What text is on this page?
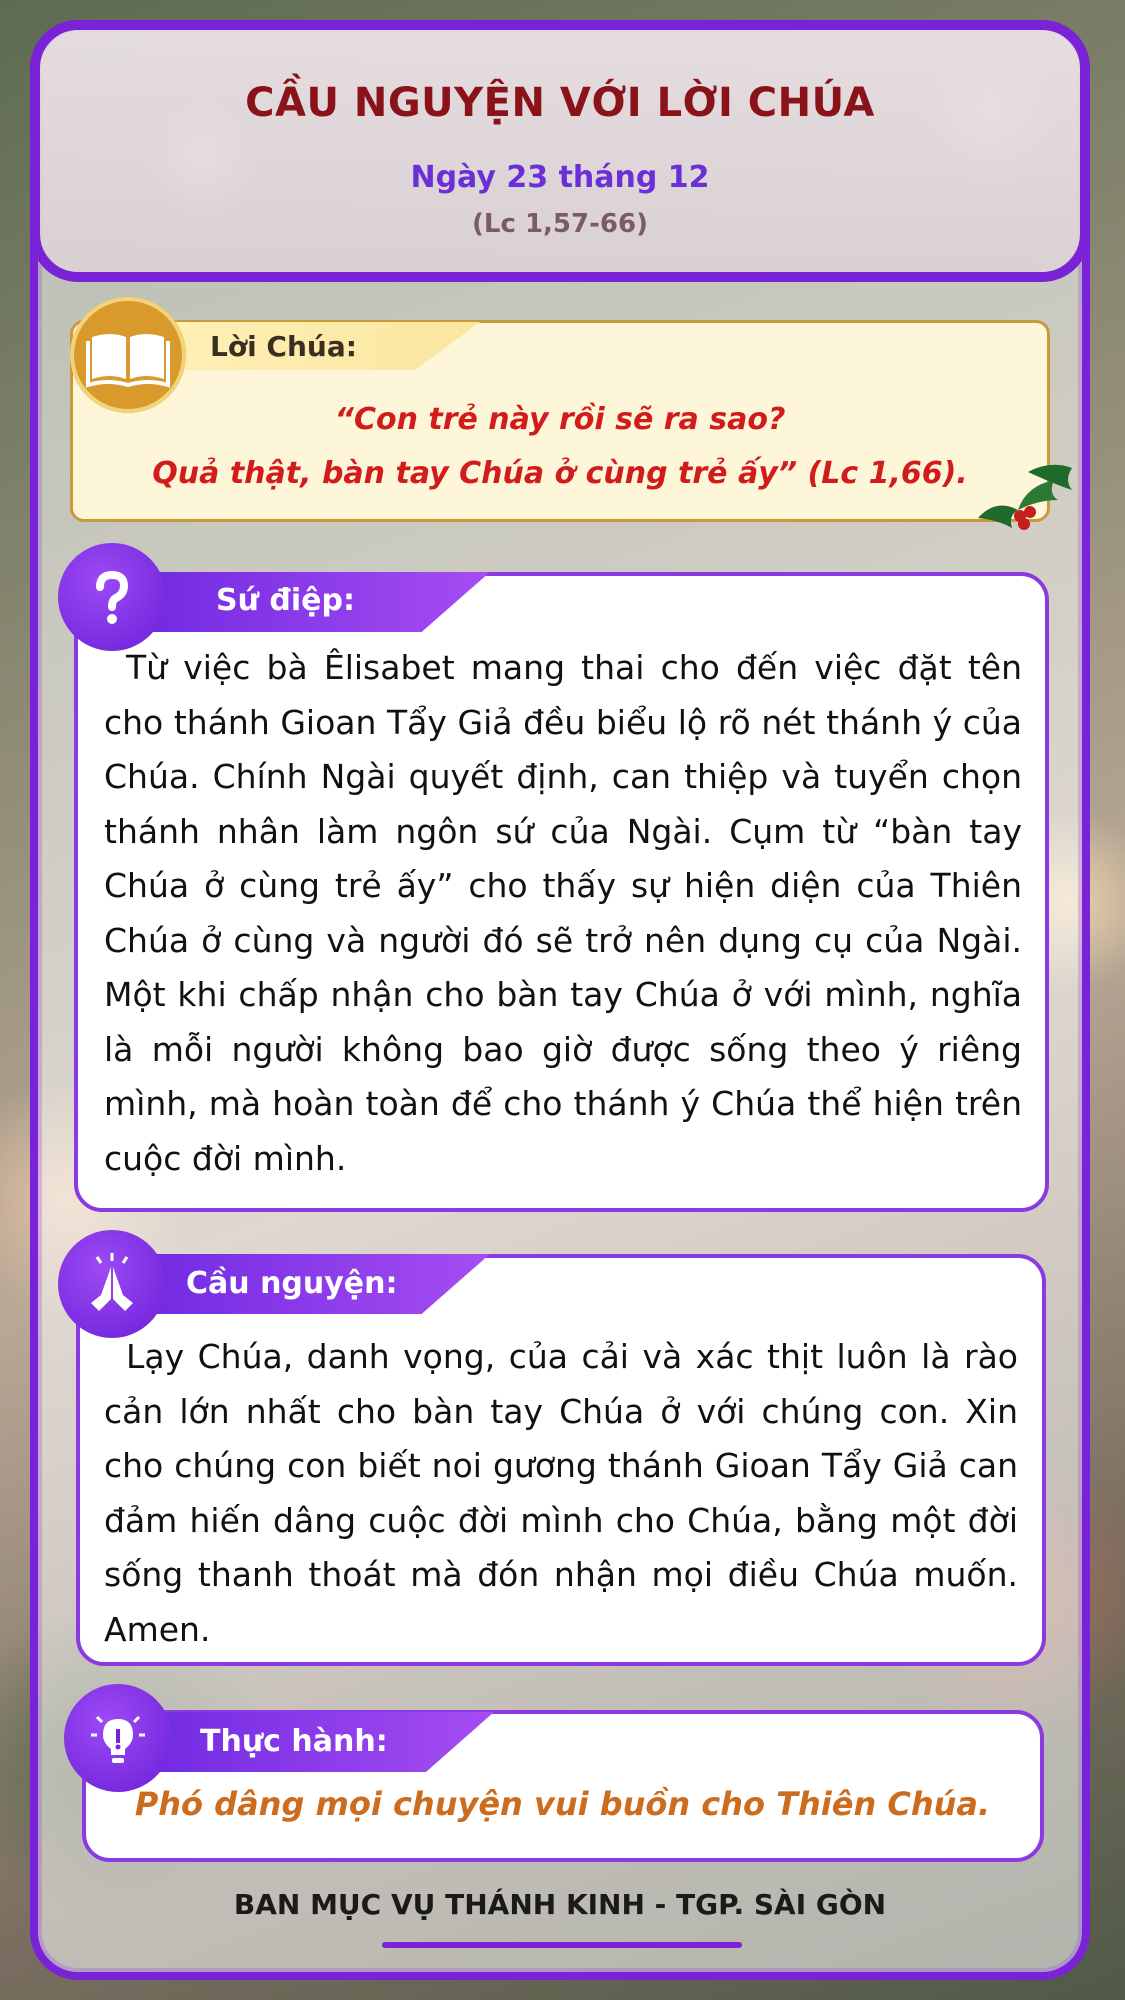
CẦU NGUYỆN VỚI LỜI CHÚA
Ngày 23 tháng 12
(Lc 1,57-66)
Lời Chúa:
“Con trẻ này rồi sẽ ra sao?
Quả thật, bàn tay Chúa ở cùng trẻ ấy” (Lc 1,66).
Sứ điệp:
Từ việc bà Êlisabet mang thai cho đến việc đặt tên cho thánh Gioan Tẩy Giả đều biểu lộ rõ nét thánh ý của Chúa. Chính Ngài quyết định, can thiệp và tuyển chọn thánh nhân làm ngôn sứ của Ngài. Cụm từ “bàn tay Chúa ở cùng trẻ ấy” cho thấy sự hiện diện của Thiên Chúa ở cùng và người đó sẽ trở nên dụng cụ của Ngài. Một khi chấp nhận cho bàn tay Chúa ở với mình, nghĩa là mỗi người không bao giờ được sống theo ý riêng mình, mà hoàn toàn để cho thánh ý Chúa thể hiện trên cuộc đời mình.
Cầu nguyện:
Lạy Chúa, danh vọng, của cải và xác thịt luôn là rào cản lớn nhất cho bàn tay Chúa ở với chúng con. Xin cho chúng con biết noi gương thánh Gioan Tẩy Giả can đảm hiến dâng cuộc đời mình cho Chúa, bằng một đời sống thanh thoát mà đón nhận mọi điều Chúa muốn. Amen.
Thực hành:
Phó dâng mọi chuyện vui buồn cho Thiên Chúa.
BAN MỤC VỤ THÁNH KINH - TGP. SÀI GÒN
